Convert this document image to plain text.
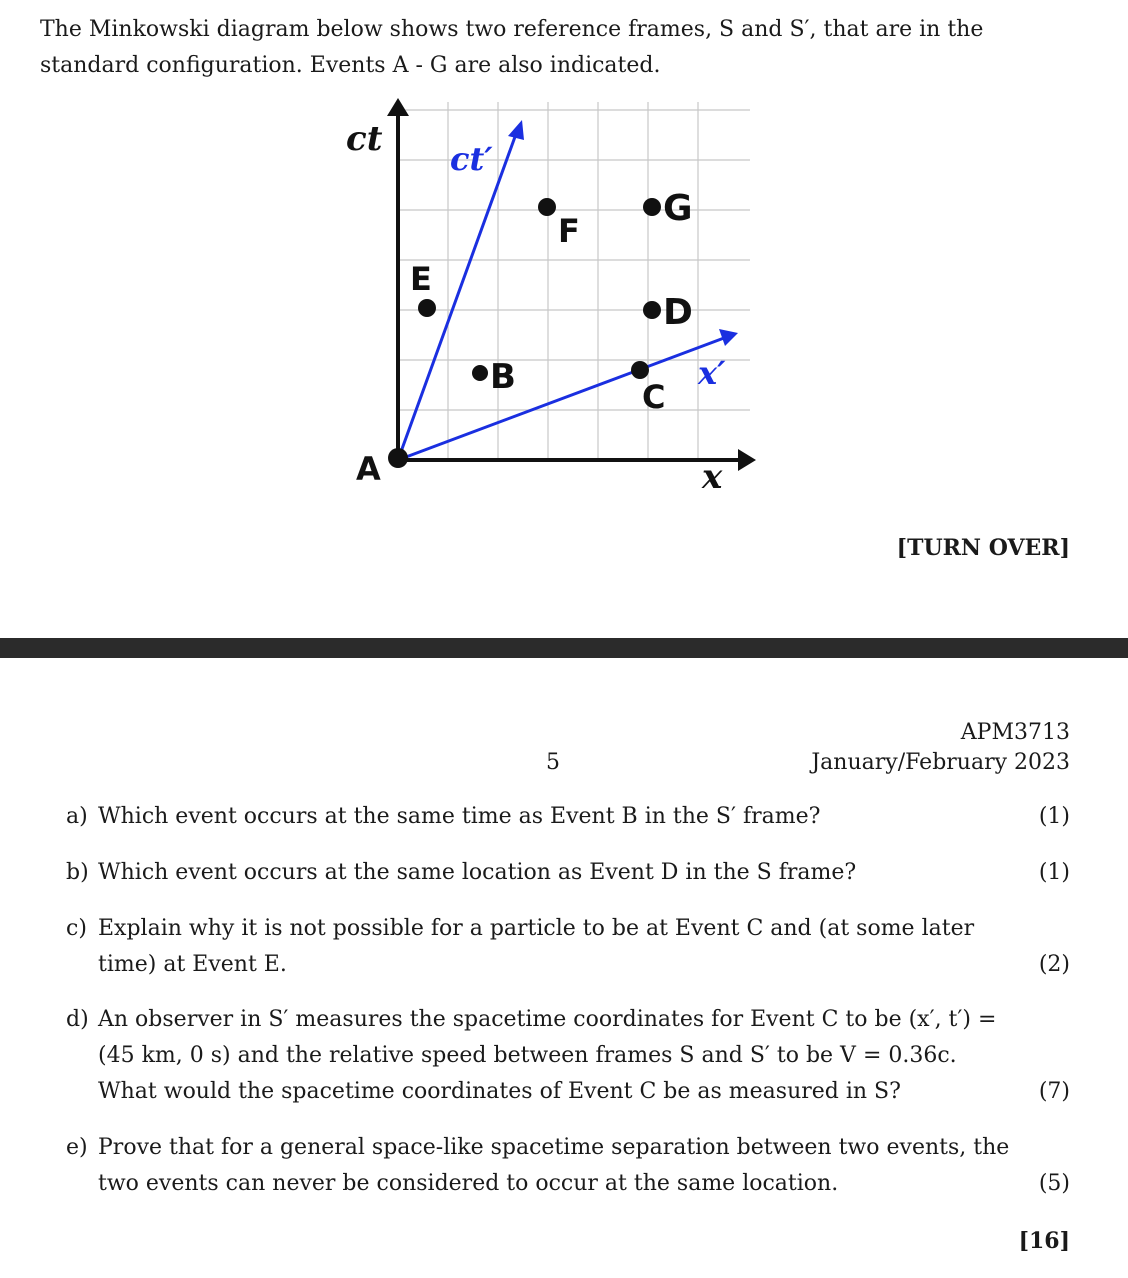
The Minkowski diagram below shows two reference frames, S and S′, that are in the standard configuration. Events A - G are also indicated.
ct ct′
x
x′
A
E
B
F
G
D
C
[TURN OVER]
APM3713
5	January/February 2023
a) Which event occurs at the same time as Event B in the S′ frame?	(1)
b) Which event occurs at the same location as Event D in the S frame?	(1)
c) Explain why it is not possible for a particle to be at Event C and (at some later time) at Event E.	(2)
d) An observer in S′ measures the spacetime coordinates for Event C to be (x′, t′) = (45 km, 0 s) and the relative speed between frames S and S′ to be V = 0.36c. What would the spacetime coordinates of Event C be as measured in S?	(7)
e) Prove that for a general space-like spacetime separation between two events, the two events can never be considered to occur at the same location.	(5)
[16]
